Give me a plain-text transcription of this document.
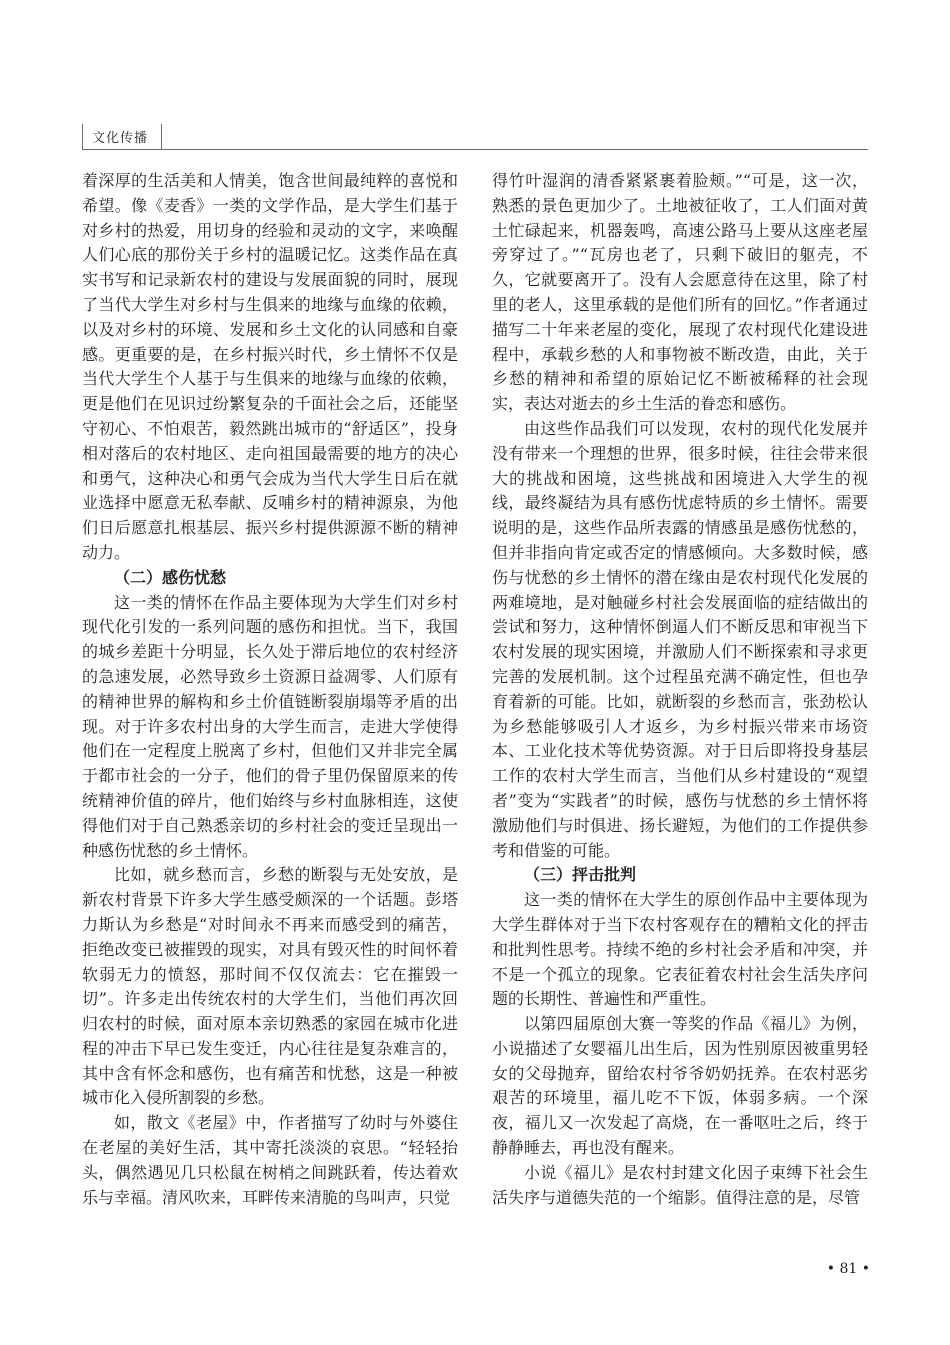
文化传播

着深厚的生活美和人情美，饱含世间最纯粹的喜悦和希望。像《麦香》一类的文学作品，是大学生们基于对乡村的热爱，用切身的经验和灵动的文字，来唤醒人们心底的那份关于乡村的温暖记忆。这类作品在真实书写和记录新农村的建设与发展面貌的同时，展现了当代大学生对乡村与生俱来的地缘与血缘的依赖，以及对乡村的环境、发展和乡土文化的认同感和自豪感。更重要的是，在乡村振兴时代，乡土情怀不仅是当代大学生个人基于与生俱来的地缘与血缘的依赖，更是他们在见识过纷繁复杂的千面社会之后，还能坚守初心、不怕艰苦，毅然跳出城市的“舒适区”，投身相对落后的农村地区、走向祖国最需要的地方的决心和勇气，这种决心和勇气会成为当代大学生日后在就业选择中愿意无私奉献、反哺乡村的精神源泉，为他们日后愿意扎根基层、振兴乡村提供源源不断的精神动力。

（二）感伤忧愁

这一类的情怀在作品主要体现为大学生们对乡村现代化引发的一系列问题的感伤和担忧。当下，我国的城乡差距十分明显，长久处于滞后地位的农村经济的急速发展，必然导致乡土资源日益凋零、人们原有的精神世界的解构和乡土价值链断裂崩塌等矛盾的出现。对于许多农村出身的大学生而言，走进大学使得他们在一定程度上脱离了乡村，但他们又并非完全属于都市社会的一分子，他们的骨子里仍保留原来的传统精神价值的碎片，他们始终与乡村血脉相连，这使得他们对于自己熟悉亲切的乡村社会的变迁呈现出一种感伤忧愁的乡土情怀。

比如，就乡愁而言，乡愁的断裂与无处安放，是新农村背景下许多大学生感受颇深的一个话题。彭塔力斯认为乡愁是“对时间永不再来而感受到的痛苦，拒绝改变已被摧毁的现实，对具有毁灭性的时间怀着软弱无力的愤怒，那时间不仅仅流去：它在摧毁一切”。许多走出传统农村的大学生们，当他们再次回归农村的时候，面对原本亲切熟悉的家园在城市化进程的冲击下早已发生变迁，内心往往是复杂难言的，其中含有怀念和感伤，也有痛苦和忧愁，这是一种被城市化入侵所割裂的乡愁。

如，散文《老屋》中，作者描写了幼时与外婆住在老屋的美好生活，其中寄托淡淡的哀思。“轻轻抬头，偶然遇见几只松鼠在树梢之间跳跃着，传达着欢乐与幸福。清风吹来，耳畔传来清脆的鸟叫声，只觉

得竹叶湿润的清香紧紧裹着脸颊。”“可是，这一次，熟悉的景色更加少了。土地被征收了，工人们面对黄土忙碌起来，机器轰鸣，高速公路马上要从这座老屋旁穿过了。”“瓦房也老了，只剩下破旧的躯壳，不久，它就要离开了。没有人会愿意待在这里，除了村里的老人，这里承载的是他们所有的回忆。”作者通过描写二十年来老屋的变化，展现了农村现代化建设进程中，承载乡愁的人和事物被不断改造，由此，关于乡愁的精神和希望的原始记忆不断被稀释的社会现实，表达对逝去的乡土生活的眷恋和感伤。

由这些作品我们可以发现，农村的现代化发展并没有带来一个理想的世界，很多时候，往往会带来很大的挑战和困境，这些挑战和困境进入大学生的视线，最终凝结为具有感伤忧虑特质的乡土情怀。需要说明的是，这些作品所表露的情感虽是感伤忧愁的，但并非指向肯定或否定的情感倾向。大多数时候，感伤与忧愁的乡土情怀的潜在缘由是农村现代化发展的两难境地，是对触碰乡村社会发展面临的症结做出的尝试和努力，这种情怀倒逼人们不断反思和审视当下农村发展的现实困境，并激励人们不断探索和寻求更完善的发展机制。这个过程虽充满不确定性，但也孕育着新的可能。比如，就断裂的乡愁而言，张劲松认为乡愁能够吸引人才返乡，为乡村振兴带来市场资本、工业化技术等优势资源。对于日后即将投身基层工作的农村大学生而言，当他们从乡村建设的“观望者”变为“实践者”的时候，感伤与忧愁的乡土情怀将激励他们与时俱进、扬长避短，为他们的工作提供参考和借鉴的可能。

（三）抨击批判

这一类的情怀在大学生的原创作品中主要体现为大学生群体对于当下农村客观存在的糟粕文化的抨击和批判性思考。持续不绝的乡村社会矛盾和冲突，并不是一个孤立的现象。它表征着农村社会生活失序问题的长期性、普遍性和严重性。

以第四届原创大赛一等奖的作品《福儿》为例，小说描述了女婴福儿出生后，因为性别原因被重男轻女的父母抛弃，留给农村爷爷奶奶抚养。在农村恶劣艰苦的环境里，福儿吃不下饭，体弱多病。一个深夜，福儿又一次发起了高烧，在一番呕吐之后，终于静静睡去，再也没有醒来。

小说《福儿》是农村封建文化因子束缚下社会生活失序与道德失范的一个缩影。值得注意的是，尽管

• 81 •
